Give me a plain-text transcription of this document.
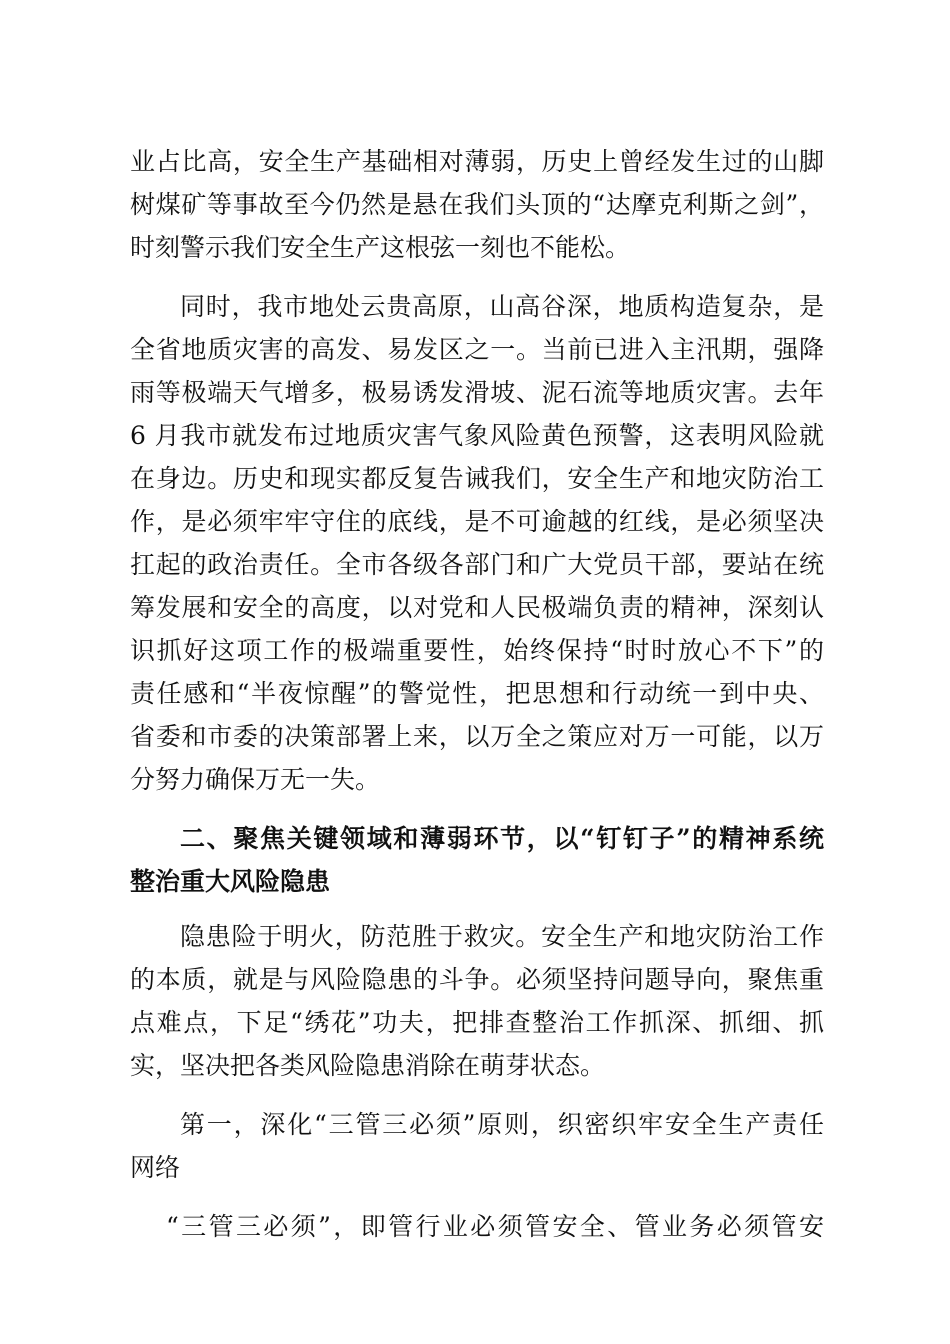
业占比高，安全生产基础相对薄弱，历史上曾经发生过的山脚
树煤矿等事故至今仍然是悬在我们头顶的“达摩克利斯之剑”，
时刻警示我们安全生产这根弦一刻也不能松。
同时，我市地处云贵高原，山高谷深，地质构造复杂，是
全省地质灾害的高发、易发区之一。当前已进入主汛期，强降
雨等极端天气增多，极易诱发滑坡、泥石流等地质灾害。去年
6 月我市就发布过地质灾害气象风险黄色预警，这表明风险就
在身边。历史和现实都反复告诫我们，安全生产和地灾防治工
作，是必须牢牢守住的底线，是不可逾越的红线，是必须坚决
扛起的政治责任。全市各级各部门和广大党员干部，要站在统
筹发展和安全的高度，以对党和人民极端负责的精神，深刻认
识抓好这项工作的极端重要性，始终保持“时时放心不下”的
责任感和“半夜惊醒”的警觉性，把思想和行动统一到中央、
省委和市委的决策部署上来，以万全之策应对万一可能，以万
分努力确保万无一失。
二、聚焦关键领域和薄弱环节，以“钉钉子”的精神系统
整治重大风险隐患
隐患险于明火，防范胜于救灾。安全生产和地灾防治工作
的本质，就是与风险隐患的斗争。必须坚持问题导向，聚焦重
点难点，下足“绣花”功夫，把排查整治工作抓深、抓细、抓
实，坚决把各类风险隐患消除在萌芽状态。
第一，深化“三管三必须”原则，织密织牢安全生产责任
网络
“三管三必须”，即管行业必须管安全、管业务必须管安
